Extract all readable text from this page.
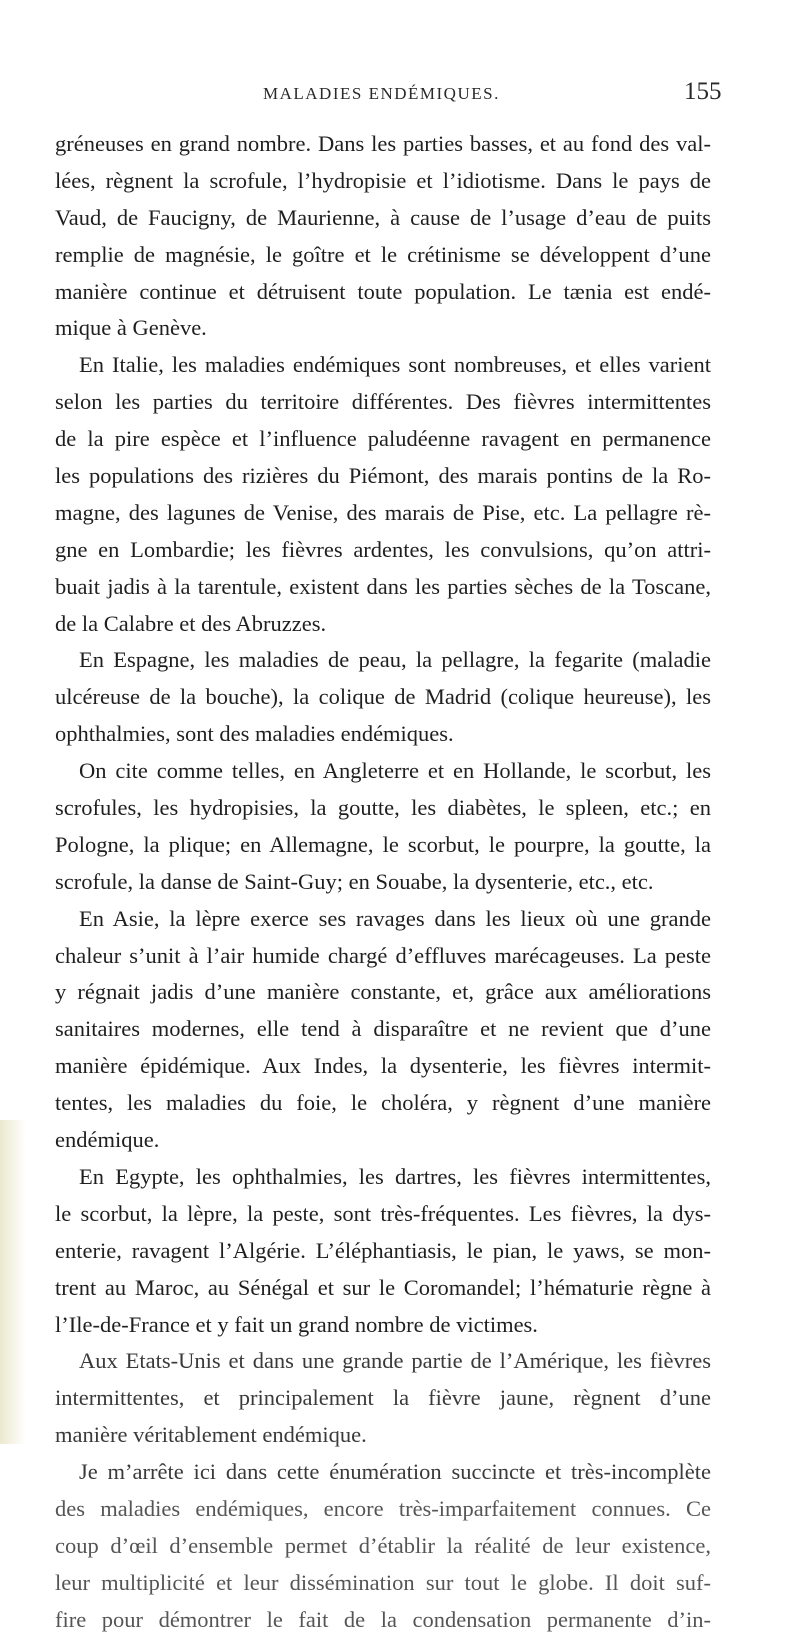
MALADIES ENDÉMIQUES.	155
gréneuses en grand nombre. Dans les parties basses, et au fond des val-
lées, règnent la scrofule, l’hydropisie et l’idiotisme. Dans le pays de
Vaud, de Faucigny, de Maurienne, à cause de l’usage d’eau de puits
remplie de magnésie, le goître et le crétinisme se développent d’une
manière continue et détruisent toute population. Le tænia est endé-
mique à Genève.
En Italie, les maladies endémiques sont nombreuses, et elles varient
selon les parties du territoire différentes. Des fièvres intermittentes
de la pire espèce et l’influence paludéenne ravagent en permanence
les populations des rizières du Piémont, des marais pontins de la Ro-
magne, des lagunes de Venise, des marais de Pise, etc. La pellagre rè-
gne en Lombardie; les fièvres ardentes, les convulsions, qu’on attri-
buait jadis à la tarentule, existent dans les parties sèches de la Toscane,
de la Calabre et des Abruzzes.
En Espagne, les maladies de peau, la pellagre, la fegarite (maladie
ulcéreuse de la bouche), la colique de Madrid (colique heureuse), les
ophthalmies, sont des maladies endémiques.
On cite comme telles, en Angleterre et en Hollande, le scorbut, les
scrofules, les hydropisies, la goutte, les diabètes, le spleen, etc.; en
Pologne, la plique; en Allemagne, le scorbut, le pourpre, la goutte, la
scrofule, la danse de Saint-Guy; en Souabe, la dysenterie, etc., etc.
En Asie, la lèpre exerce ses ravages dans les lieux où une grande
chaleur s’unit à l’air humide chargé d’effluves marécageuses. La peste
y régnait jadis d’une manière constante, et, grâce aux améliorations
sanitaires modernes, elle tend à disparaître et ne revient que d’une
manière épidémique. Aux Indes, la dysenterie, les fièvres intermit-
tentes, les maladies du foie, le choléra, y règnent d’une manière
endémique.
En Egypte, les ophthalmies, les dartres, les fièvres intermittentes,
le scorbut, la lèpre, la peste, sont très-fréquentes. Les fièvres, la dys-
enterie, ravagent l’Algérie. L’éléphantiasis, le pian, le yaws, se mon-
trent au Maroc, au Sénégal et sur le Coromandel; l’hématurie règne à
l’Ile-de-France et y fait un grand nombre de victimes.
Aux Etats-Unis et dans une grande partie de l’Amérique, les fièvres
intermittentes, et principalement la fièvre jaune, règnent d’une
manière véritablement endémique.
Je m’arrête ici dans cette énumération succincte et très-incomplète
des maladies endémiques, encore très-imparfaitement connues. Ce
coup d’œil d’ensemble permet d’établir la réalité de leur existence,
leur multiplicité et leur dissémination sur tout le globe. Il doit suf-
fire pour démontrer le fait de la condensation permanente d’in-
